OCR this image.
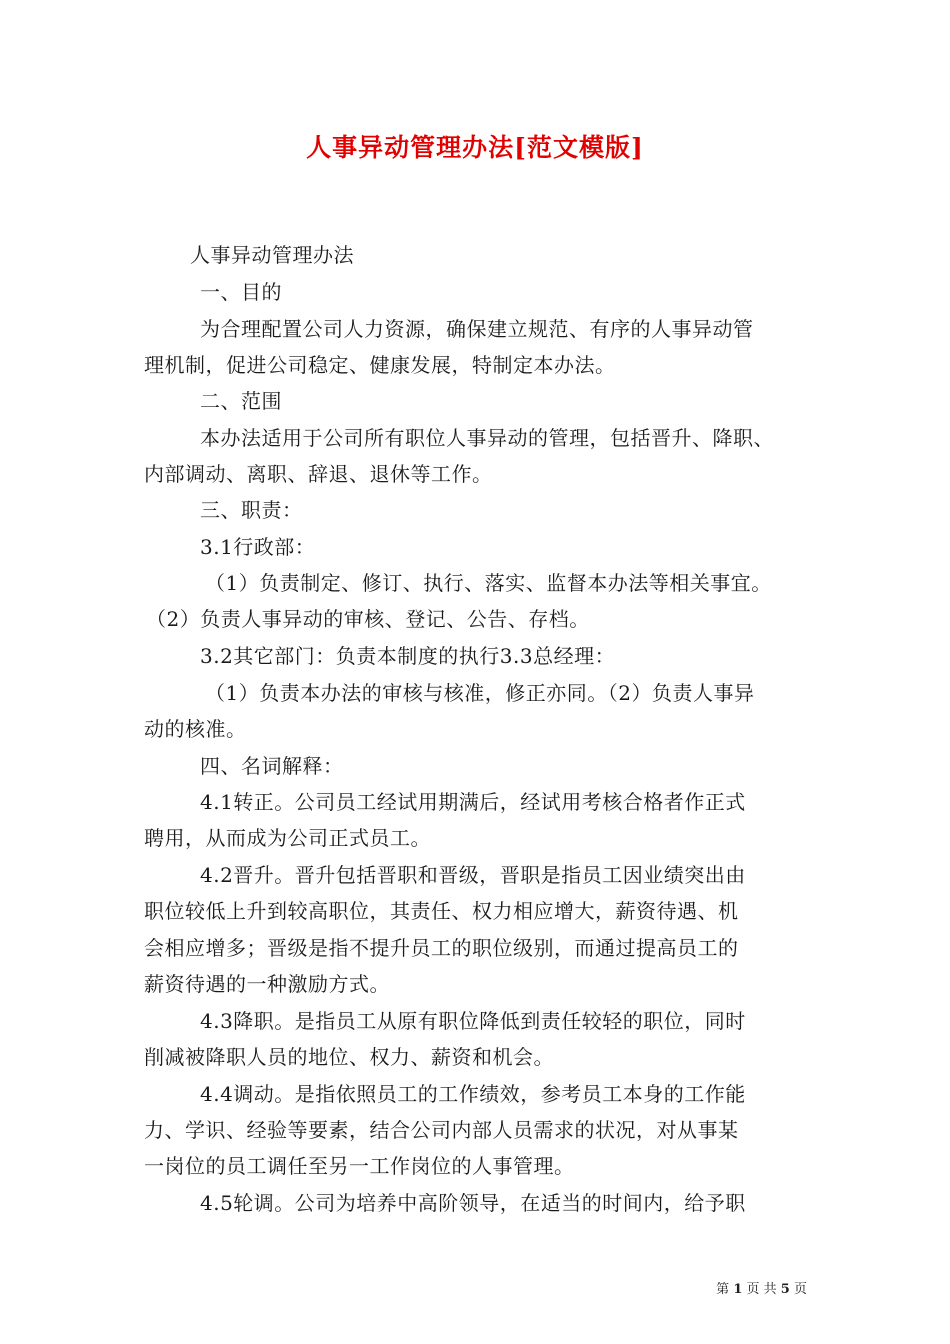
人事异动管理办法[范文模版]
人事异动管理办法
一、目的
为合理配置公司人力资源，确保建立规范、有序的人事异动管
理机制，促进公司稳定、健康发展，特制定本办法。
二、范围
本办法适用于公司所有职位人事异动的管理，包括晋升、降职、
内部调动、离职、辞退、退休等工作。
三、职责：
3.1行政部：
（1）负责制定、修订、执行、落实、监督本办法等相关事宜。
（2）负责人事异动的审核、登记、公告、存档。
3.2其它部门：负责本制度的执行3.3总经理：
（1）负责本办法的审核与核准，修正亦同。（2）负责人事异
动的核准。
四、名词解释：
4.1转正。公司员工经试用期满后，经试用考核合格者作正式
聘用，从而成为公司正式员工。
4.2晋升。晋升包括晋职和晋级，晋职是指员工因业绩突出由
职位较低上升到较高职位，其责任、权力相应增大，薪资待遇、机
会相应增多；晋级是指不提升员工的职位级别，而通过提高员工的
薪资待遇的一种激励方式。
4.3降职。是指员工从原有职位降低到责任较轻的职位，同时
削减被降职人员的地位、权力、薪资和机会。
4.4调动。是指依照员工的工作绩效，参考员工本身的工作能
力、学识、经验等要素，结合公司内部人员需求的状况，对从事某
一岗位的员工调任至另一工作岗位的人事管理。
4.5轮调。公司为培养中高阶领导，在适当的时间内，给予职
第 1 页 共 5 页
